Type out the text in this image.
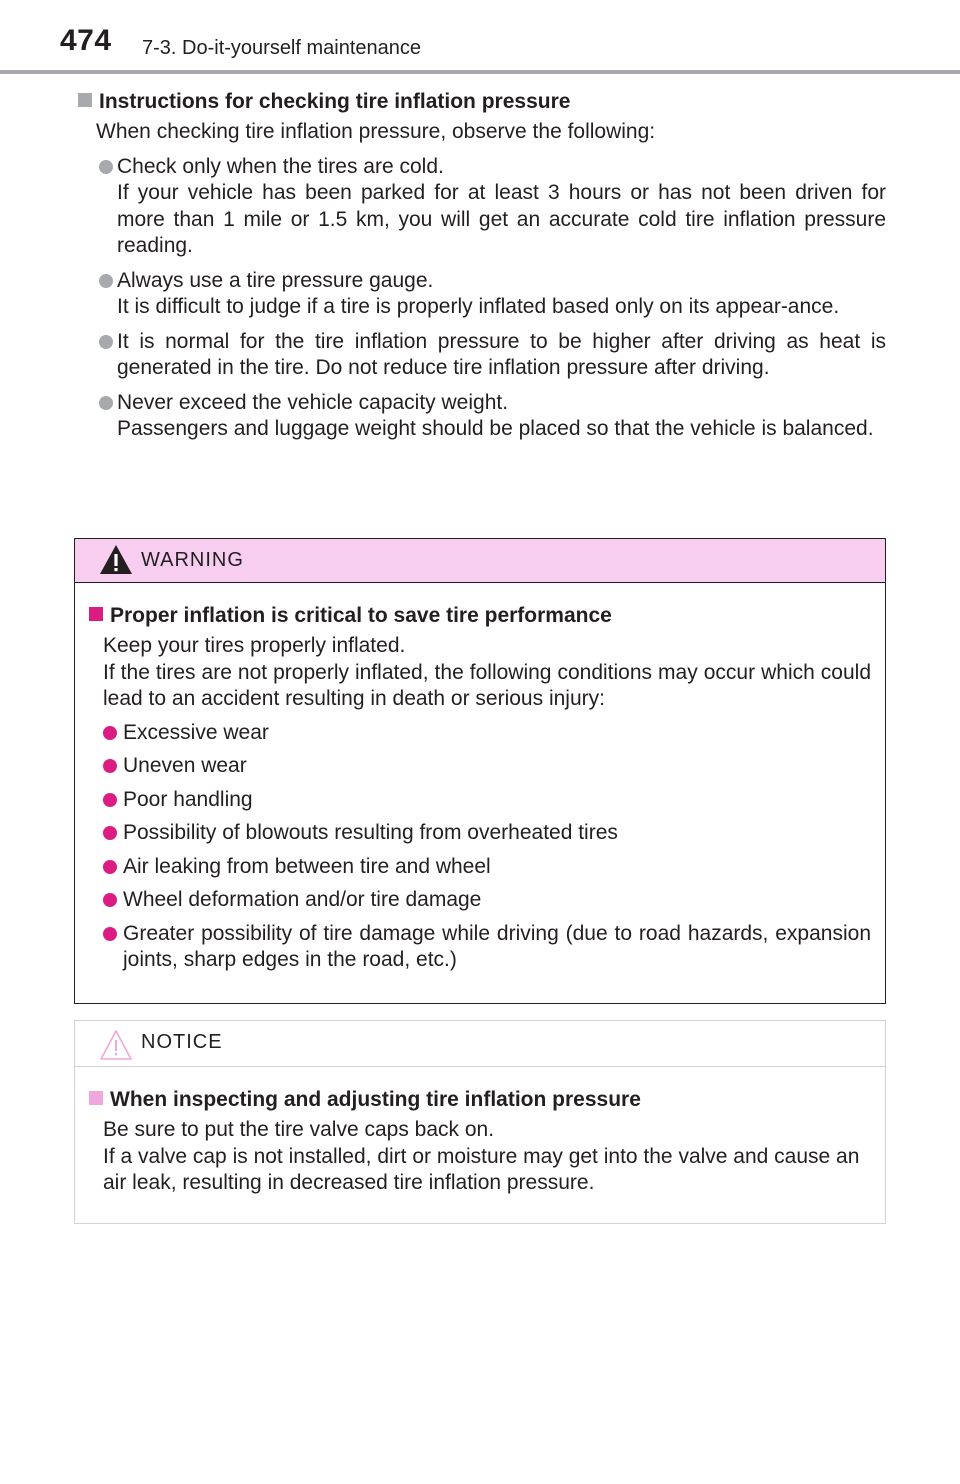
474 7-3. Do-it-yourself maintenance
Instructions for checking tire inflation pressure
When checking tire inflation pressure, observe the following:
Check only when the tires are cold.
If your vehicle has been parked for at least 3 hours or has not been driven for more than 1 mile or 1.5 km, you will get an accurate cold tire inflation pressure reading.
Always use a tire pressure gauge.
It is difficult to judge if a tire is properly inflated based only on its appear-ance.
It is normal for the tire inflation pressure to be higher after driving as heat is generated in the tire. Do not reduce tire inflation pressure after driving.
Never exceed the vehicle capacity weight.
Passengers and luggage weight should be placed so that the vehicle is balanced.
WARNING
Proper inflation is critical to save tire performance
Keep your tires properly inflated.
If the tires are not properly inflated, the following conditions may occur which could lead to an accident resulting in death or serious injury:
Excessive wear
Uneven wear
Poor handling
Possibility of blowouts resulting from overheated tires
Air leaking from between tire and wheel
Wheel deformation and/or tire damage
Greater possibility of tire damage while driving (due to road hazards, expansion joints, sharp edges in the road, etc.)
NOTICE
When inspecting and adjusting tire inflation pressure
Be sure to put the tire valve caps back on.
If a valve cap is not installed, dirt or moisture may get into the valve and cause an air leak, resulting in decreased tire inflation pressure.
